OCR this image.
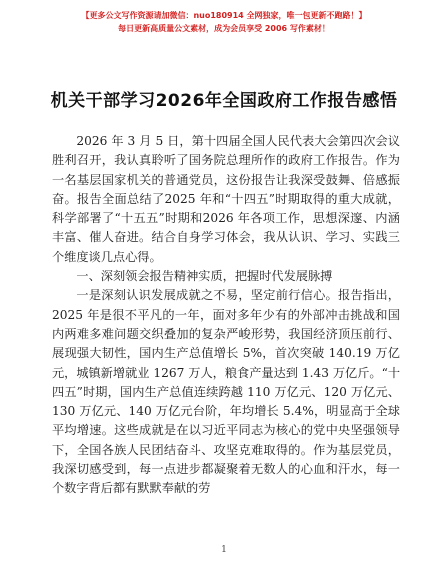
【更多公文写作资源请加微信：nuo180914 全网独家，唯一包更新不跑路！】
每日更新高质量公文素材，成为会员享受 2006 写作素材！
机关干部学习2026年全国政府工作报告感悟

2026 年 3 月 5 日，第十四届全国人民代表大会第四次会议胜利召开，我认真聆听了国务院总理所作的政府工作报告。作为一名基层国家机关的普通党员，这份报告让我深受鼓舞、倍感振奋。报告全面总结了2025 年和“十四五”时期取得的重大成就，科学部署了“十五五”时期和2026 年各项工作，思想深邃、内涵丰富、催人奋进。结合自身学习体会，我从认识、学习、实践三个维度谈几点心得。

一、深刻领会报告精神实质，把握时代发展脉搏

一是深刻认识发展成就之不易，坚定前行信心。报告指出，2025 年是很不平凡的一年，面对多年少有的外部冲击挑战和国内两难多难问题交织叠加的复杂严峻形势，我国经济顶压前行、展现强大韧性，国内生产总值增长 5%，首次突破 140.19 万亿元，城镇新增就业 1267 万人，粮食产量达到 1.43 万亿斤。“十四五”时期，国内生产总值连续跨越 110 万亿元、120 万亿元、130 万亿元、140 万亿元台阶，年均增长 5.4%，明显高于全球平均增速。这些成就是在以习近平同志为核心的党中央坚强领导下，全国各族人民团结奋斗、攻坚克难取得的。作为基层党员，我深切感受到，每一点进步都凝聚着无数人的心血和汗水，每一个数字背后都有默默奉献的劳

1
